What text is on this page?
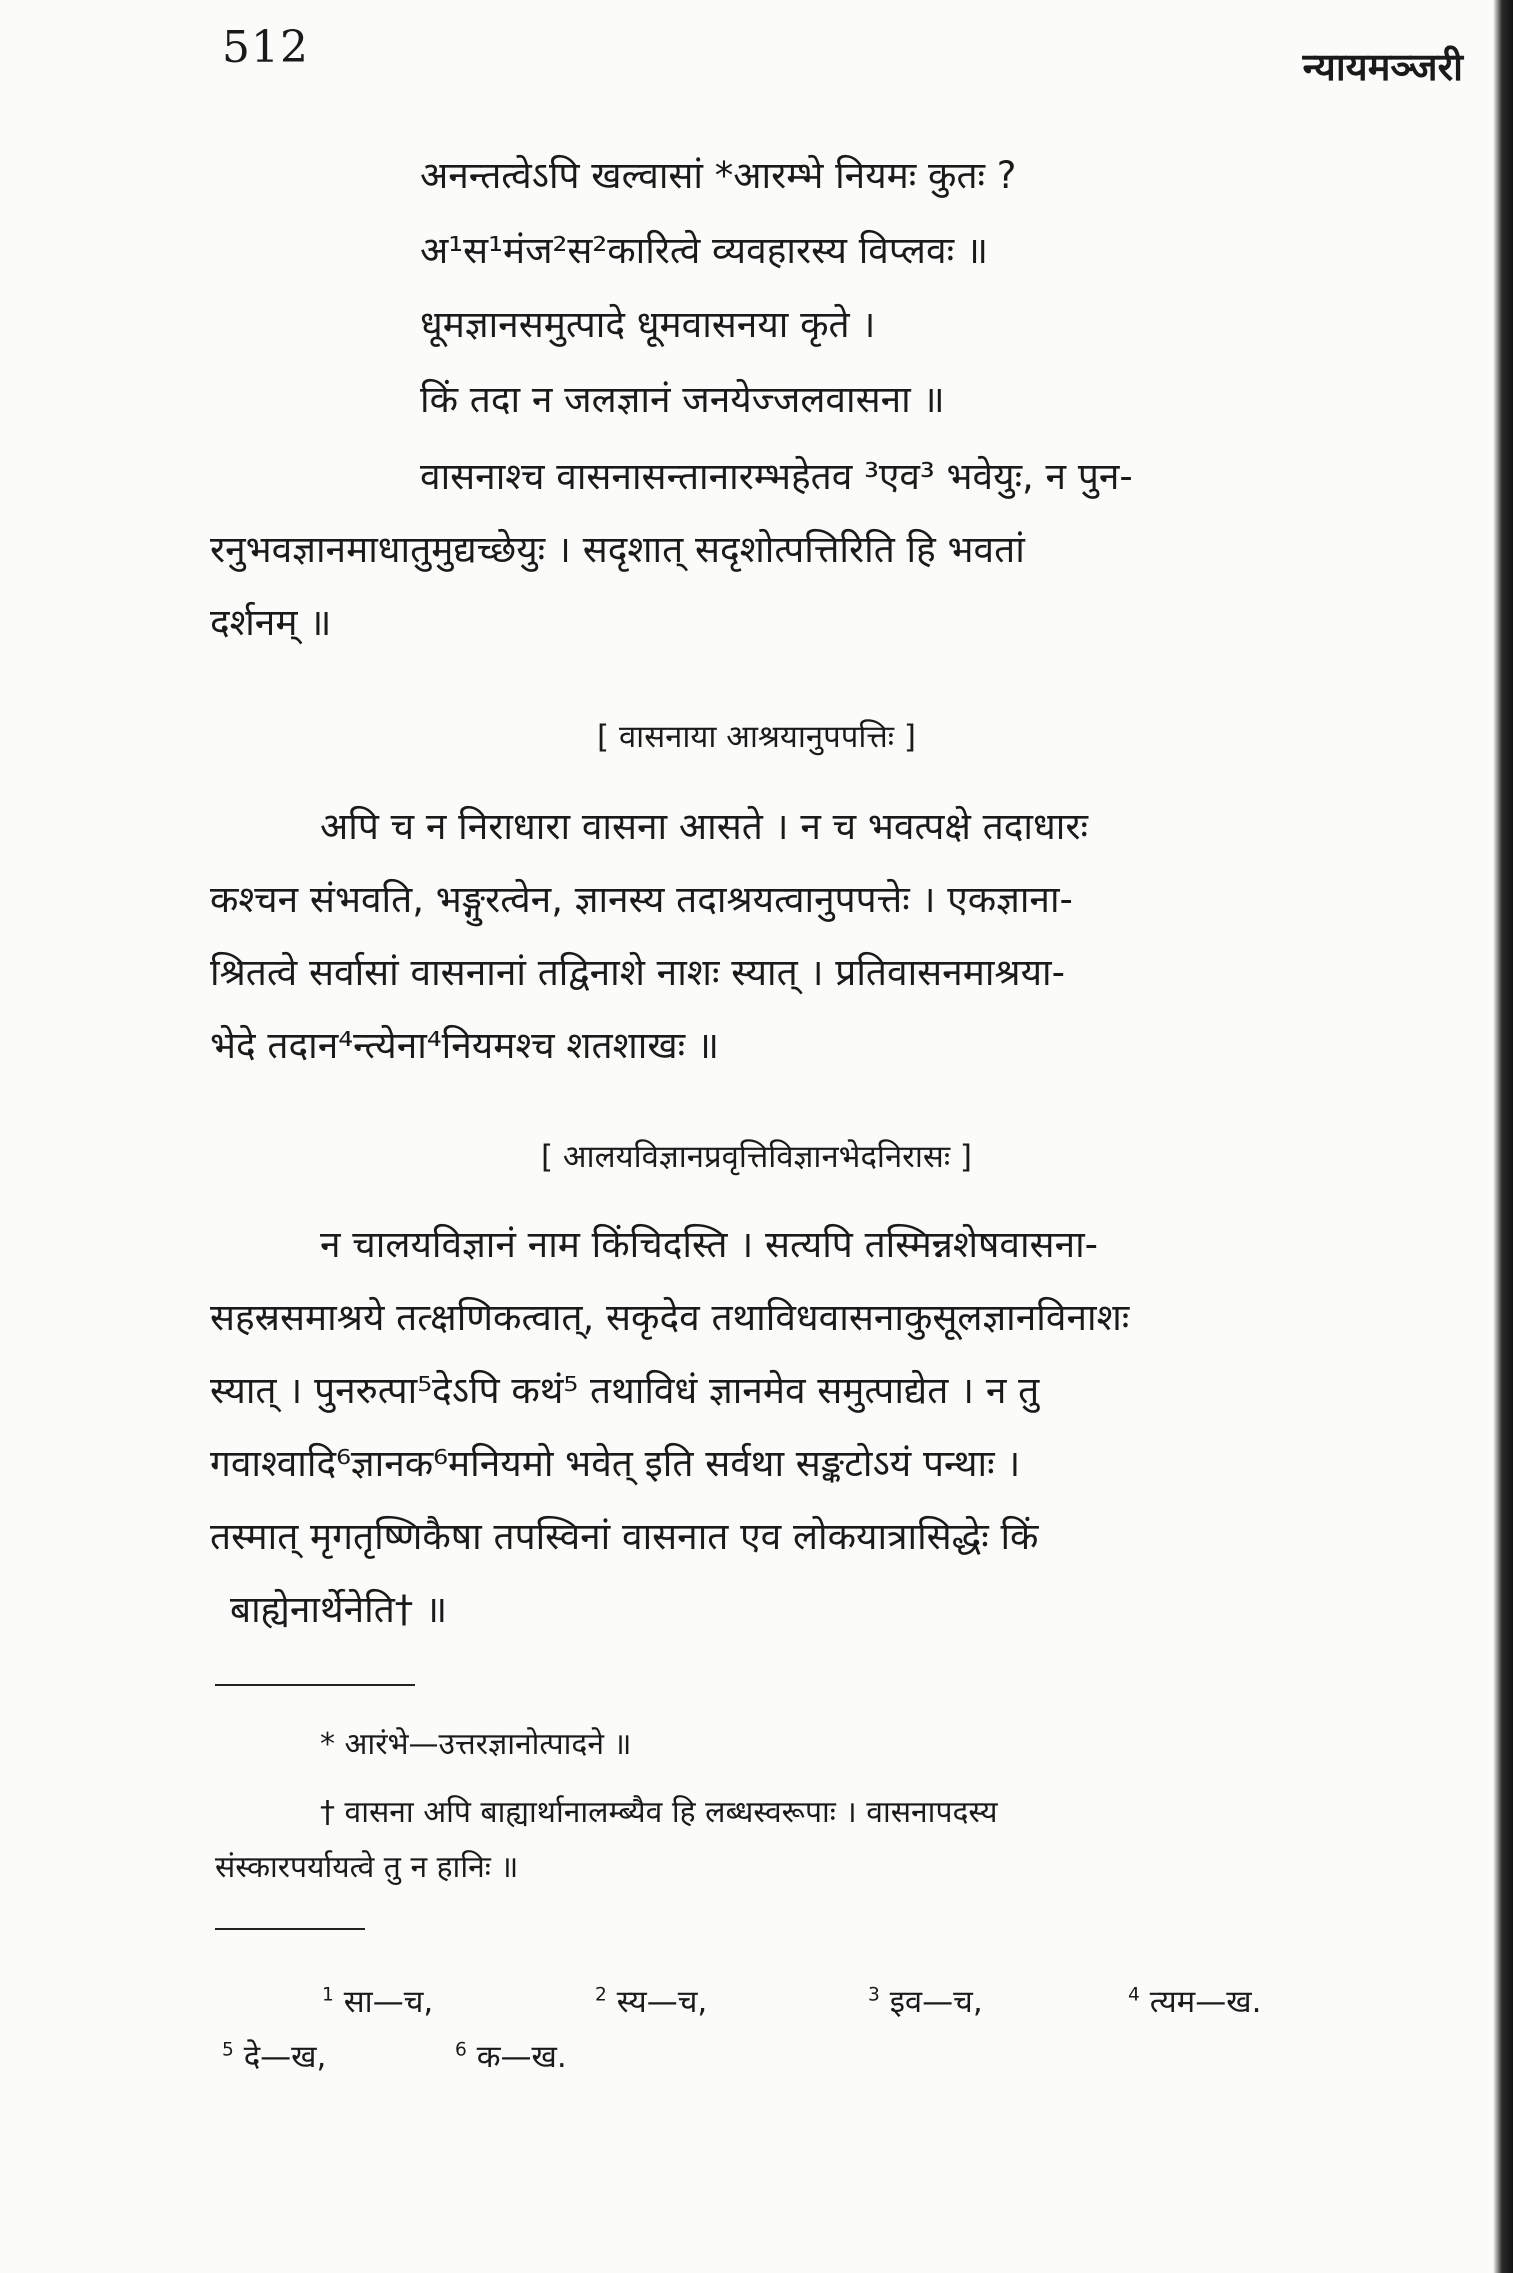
512	न्यायमञ्जरी
अनन्तत्वेऽपि खल्वासां *आरम्भे नियमः कुतः ?
अ¹स¹मंज²स²कारित्वे व्यवहारस्य विप्लवः ॥
धूमज्ञानसमुत्पादे धूमवासनया कृते ।
किं तदा न जलज्ञानं जनयेज्जलवासना ॥
वासनाश्च वासनासन्तानारम्भहेतव ³एव³ भवेयुः, न पुन-
रनुभवज्ञानमाधातुमुद्यच्छेयुः । सदृशात् सदृशोत्पत्तिरिति हि भवतां
दर्शनम् ॥
[ वासनाया आश्रयानुपपत्तिः ]
अपि च न निराधारा वासना आसते । न च भवत्पक्षे तदाधारः
कश्चन संभवति, भङ्गुरत्वेन, ज्ञानस्य तदाश्रयत्वानुपपत्तेः । एकज्ञाना-
श्रितत्वे सर्वासां वासनानां तद्विनाशे नाशः स्यात् । प्रतिवासनमाश्रया-
भेदे तदान⁴न्त्येना⁴नियमश्च शतशाखः ॥
[ आलयविज्ञानप्रवृत्तिविज्ञानभेदनिरासः ]
न चालयविज्ञानं नाम किंचिदस्ति । सत्यपि तस्मिन्नशेषवासना-
सहस्रसमाश्रये तत्क्षणिकत्वात्, सकृदेव तथाविधवासनाकुसूलज्ञानविनाशः
स्यात् । पुनरुत्पा⁵देऽपि कथं⁵ तथाविधं ज्ञानमेव समुत्पाद्येत । न तु
गवाश्वादि⁶ज्ञानक⁶मनियमो भवेत् इति सर्वथा सङ्कटोऽयं पन्थाः ।
तस्मात् मृगतृष्णिकैषा तपस्विनां वासनात एव लोकयात्रासिद्धेः किं
बाह्येनार्थेनेति† ॥
* आरंभे—उत्तरज्ञानोत्पादने ॥
† वासना अपि बाह्यार्थानालम्ब्यैव हि लब्धस्वरूपाः । वासनापदस्य
संस्कारपर्यायत्वे तु न हानिः ॥
$^1$ सा—च,	$^2$ स्य—च,	$^3$ इव—च,	$^4$ त्यम—ख.
$^5$ दे—ख,	$^6$ क—ख.
